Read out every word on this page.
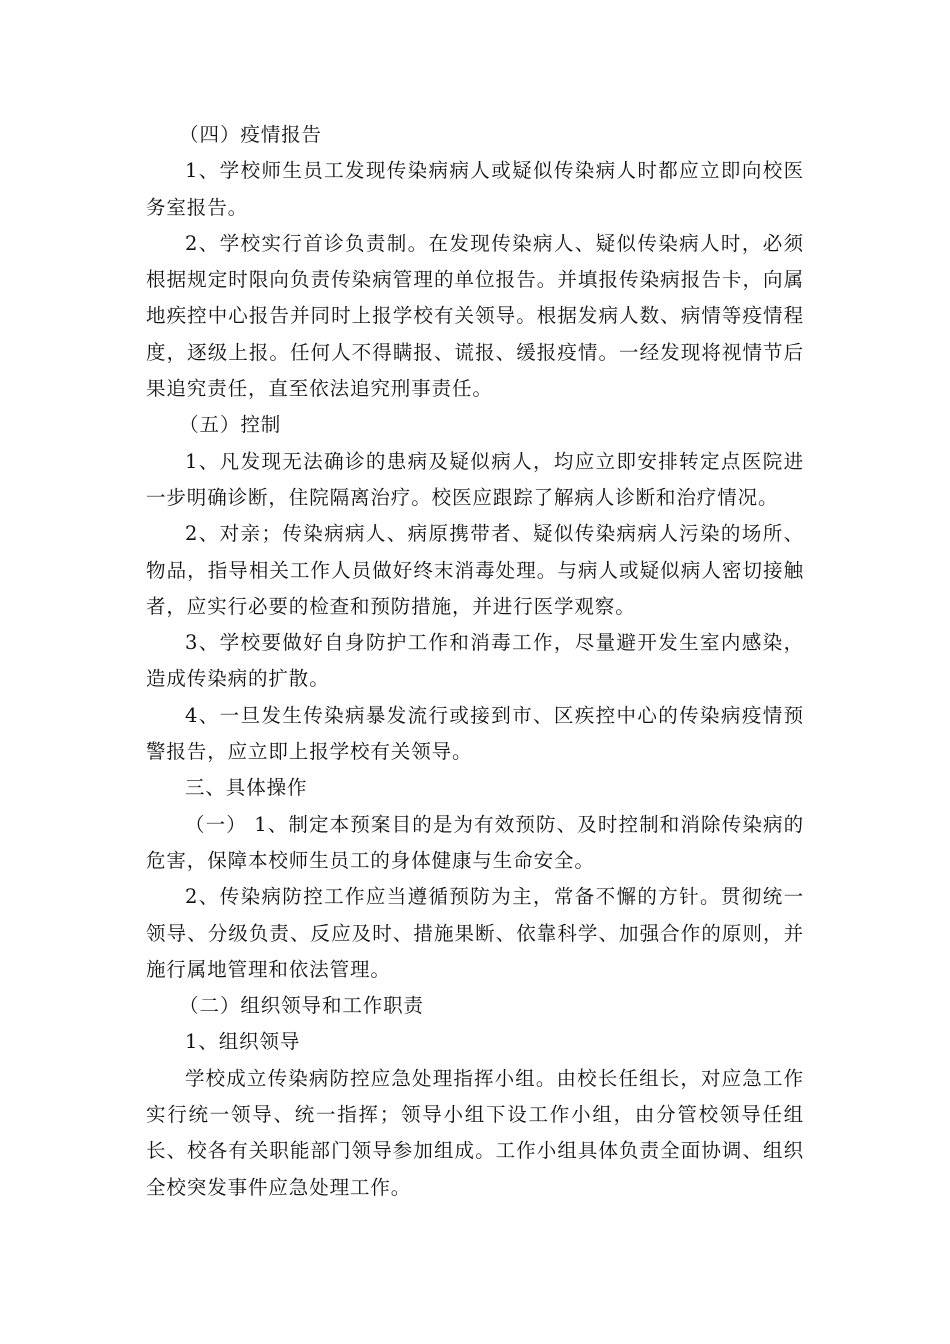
（四）疫情报告

1、学校师生员工发现传染病病人或疑似传染病人时都应立即向校医务室报告。

2、学校实行首诊负责制。在发现传染病人、疑似传染病人时，必须根据规定时限向负责传染病管理的单位报告。并填报传染病报告卡，向属地疾控中心报告并同时上报学校有关领导。根据发病人数、病情等疫情程度，逐级上报。任何人不得瞒报、谎报、缓报疫情。一经发现将视情节后果追究责任，直至依法追究刑事责任。

（五）控制

1、凡发现无法确诊的患病及疑似病人，均应立即安排转定点医院进一步明确诊断，住院隔离治疗。校医应跟踪了解病人诊断和治疗情况。

2、对亲；传染病病人、病原携带者、疑似传染病病人污染的场所、物品，指导相关工作人员做好终末消毒处理。与病人或疑似病人密切接触者，应实行必要的检查和预防措施，并进行医学观察。

3、学校要做好自身防护工作和消毒工作，尽量避开发生室内感染，造成传染病的扩散。

4、一旦发生传染病暴发流行或接到市、区疾控中心的传染病疫情预警报告，应立即上报学校有关领导。

三、具体操作

（一） 1、制定本预案目的是为有效预防、及时控制和消除传染病的危害，保障本校师生员工的身体健康与生命安全。

2、传染病防控工作应当遵循预防为主，常备不懈的方针。贯彻统一领导、分级负责、反应及时、措施果断、依靠科学、加强合作的原则，并施行属地管理和依法管理。

（二）组织领导和工作职责

1、组织领导

学校成立传染病防控应急处理指挥小组。由校长任组长，对应急工作实行统一领导、统一指挥；领导小组下设工作小组，由分管校领导任组长、校各有关职能部门领导参加组成。工作小组具体负责全面协调、组织全校突发事件应急处理工作。
